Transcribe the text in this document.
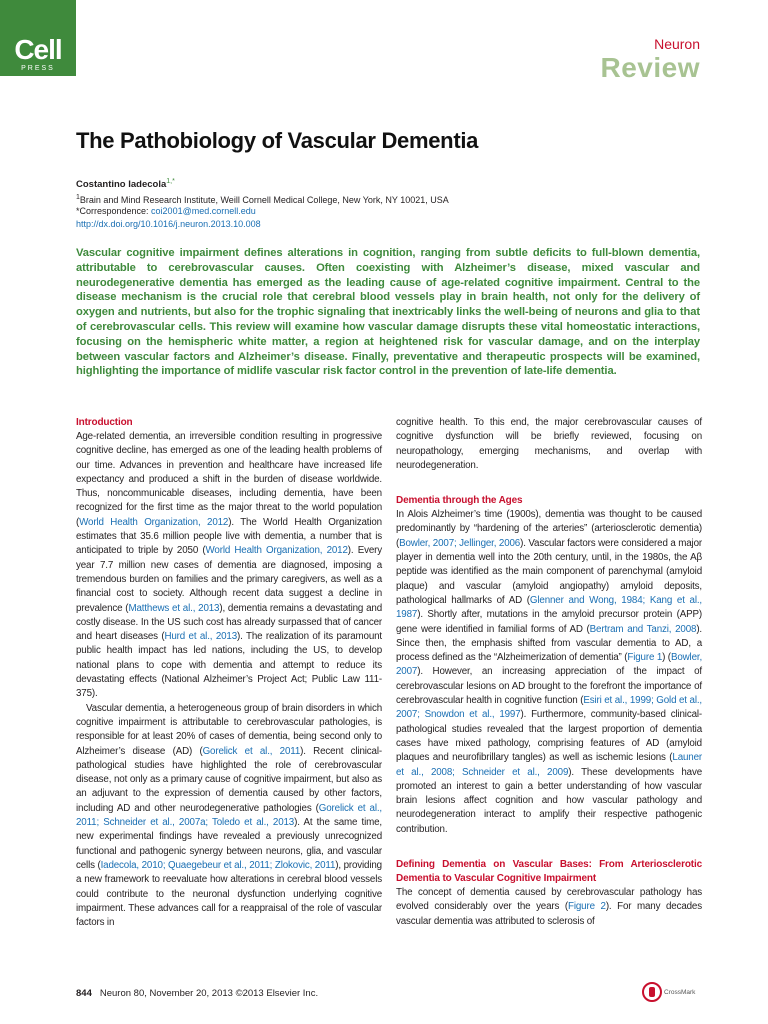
Cell
PRESS
Neuron
Review
The Pathobiology of Vascular Dementia
Costantino Iadecola$^{1,*}$
$^1$Brain and Mind Research Institute, Weill Cornell Medical College, New York, NY 10021, USA
*Correspondence: coi2001@med.cornell.edu
http://dx.doi.org/10.1016/j.neuron.2013.10.008
Vascular cognitive impairment defines alterations in cognition, ranging from subtle deficits to full-blown dementia, attributable to cerebrovascular causes. Often coexisting with Alzheimer’s disease, mixed vascular and neurodegenerative dementia has emerged as the leading cause of age-related cognitive impairment. Central to the disease mechanism is the crucial role that cerebral blood vessels play in brain health, not only for the delivery of oxygen and nutrients, but also for the trophic signaling that inextricably links the well-being of neurons and glia to that of cerebrovascular cells. This review will examine how vascular damage disrupts these vital homeostatic interactions, focusing on the hemispheric white matter, a region at heightened risk for vascular damage, and on the interplay between vascular factors and Alzheimer’s disease. Finally, preventative and therapeutic prospects will be examined, highlighting the importance of midlife vascular risk factor control in the prevention of late-life dementia.
Introduction

Age-related dementia, an irreversible condition resulting in progressive cognitive decline, has emerged as one of the leading health problems of our time. Advances in prevention and healthcare have increased life expectancy and produced a shift in the burden of disease worldwide. Thus, noncommunicable diseases, including dementia, have been recognized for the first time as the major threat to the world population (World Health Organization, 2012). The World Health Organization estimates that 35.6 million people live with dementia, a number that is anticipated to triple by 2050 (World Health Organization, 2012). Every year 7.7 million new cases of dementia are diagnosed, imposing a tremendous burden on families and the primary caregivers, as well as a financial cost to society. Although recent data suggest a decline in prevalence (Matthews et al., 2013), dementia remains a devastating and costly disease. In the US such cost has already surpassed that of cancer and heart diseases (Hurd et al., 2013). The realization of its paramount public health impact has led nations, including the US, to develop national plans to cope with dementia and attempt to reduce its devastating effects (National Alzheimer’s Project Act; Public Law 111-375).

Vascular dementia, a heterogeneous group of brain disorders in which cognitive impairment is attributable to cerebrovascular pathologies, is responsible for at least 20% of cases of dementia, being second only to Alzheimer’s disease (AD) (Gorelick et al., 2011). Recent clinical-pathological studies have highlighted the role of cerebrovascular disease, not only as a primary cause of cognitive impairment, but also as an adjuvant to the expression of dementia caused by other factors, including AD and other neurodegenerative pathologies (Gorelick et al., 2011; Schneider et al., 2007a; Toledo et al., 2013). At the same time, new experimental findings have revealed a previously unrecognized functional and pathogenic synergy between neurons, glia, and vascular cells (Iadecola, 2010; Quaegebeur et al., 2011; Zlokovic, 2011), providing a new framework to reevaluate how alterations in cerebral blood vessels could contribute to the neuronal dysfunction underlying cognitive impairment. These advances call for a reappraisal of the role of vascular factors in

cognitive health. To this end, the major cerebrovascular causes of cognitive dysfunction will be briefly reviewed, focusing on neuropathology, emerging mechanisms, and overlap with neurodegeneration.

Dementia through the Ages

In Alois Alzheimer’s time (1900s), dementia was thought to be caused predominantly by “hardening of the arteries” (arteriosclerotic dementia) (Bowler, 2007; Jellinger, 2006). Vascular factors were considered a major player in dementia well into the 20th century, until, in the 1980s, the Aβ peptide was identified as the main component of parenchymal (amyloid plaque) and vascular (amyloid angiopathy) amyloid deposits, pathological hallmarks of AD (Glenner and Wong, 1984; Kang et al., 1987). Shortly after, mutations in the amyloid precursor protein (APP) gene were identified in familial forms of AD (Bertram and Tanzi, 2008). Since then, the emphasis shifted from vascular dementia to AD, a process defined as the “Alzheimerization of dementia” (Figure 1) (Bowler, 2007). However, an increasing appreciation of the impact of cerebrovascular lesions on AD brought to the forefront the importance of cerebrovascular health in cognitive function (Esiri et al., 1999; Gold et al., 2007; Snowdon et al., 1997). Furthermore, community-based clinical-pathological studies revealed that the largest proportion of dementia cases have mixed pathology, comprising features of AD (amyloid plaques and neurofibrillary tangles) as well as ischemic lesions (Launer et al., 2008; Schneider et al., 2009). These developments have promoted an interest to gain a better understanding of how vascular brain lesions affect cognition and how vascular pathology and neurodegeneration interact to amplify their respective pathogenic contribution.

Defining Dementia on Vascular Bases: From Arteriosclerotic Dementia to Vascular Cognitive Impairment

The concept of dementia caused by cerebrovascular pathology has evolved considerably over the years (Figure 2). For many decades vascular dementia was attributed to sclerosis of

844 Neuron 80, November 20, 2013 ©2013 Elsevier Inc.	CrossMark
